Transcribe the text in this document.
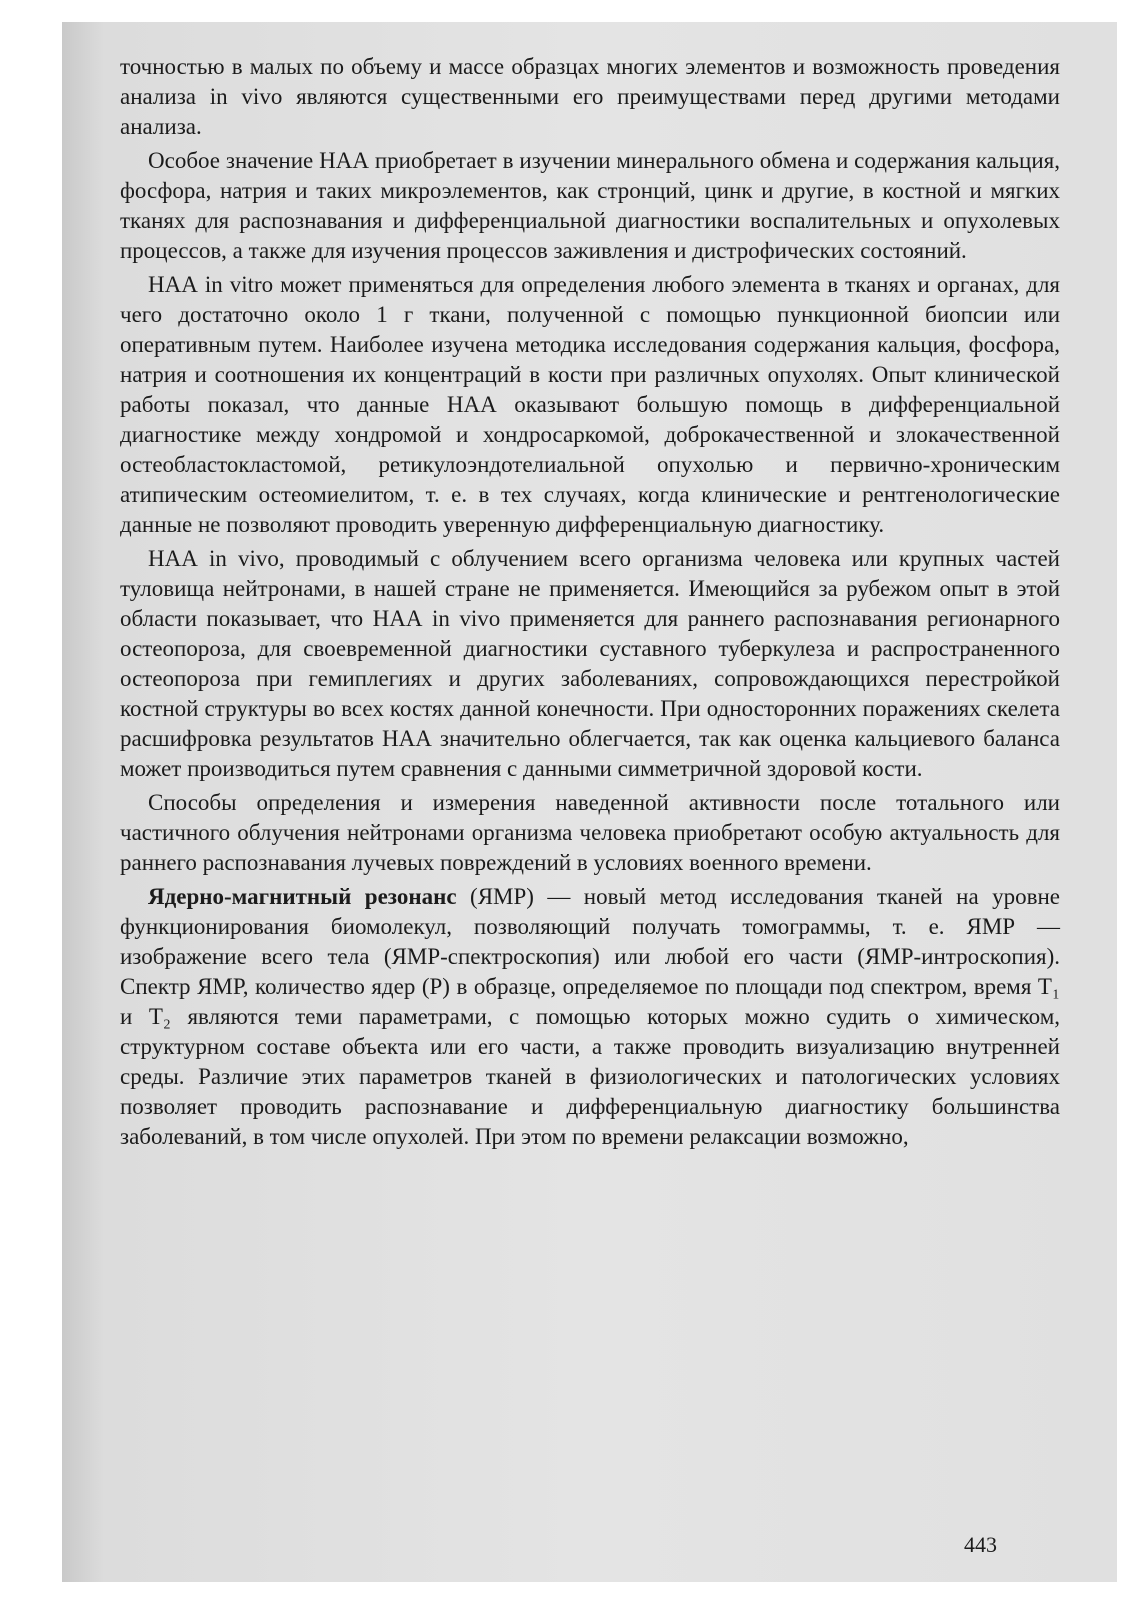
точностью в малых по объему и массе образцах многих элементов и возможность проведения анализа in vivo являются существенными его преимуществами перед другими методами анализа.

Особое значение НАА приобретает в изучении минерального обмена и содержания кальция, фосфора, натрия и таких микроэлементов, как стронций, цинк и другие, в костной и мягких тканях для распознавания и дифференциальной диагностики воспалительных и опухолевых процессов, а также для изучения процессов заживления и дистрофических состояний.

НАА in vitro может применяться для определения любого элемента в тканях и органах, для чего достаточно около 1 г ткани, полученной с помощью пункционной биопсии или оперативным путем. Наиболее изучена методика исследования содержания кальция, фосфора, натрия и соотношения их концентраций в кости при различных опухолях. Опыт клинической работы показал, что данные НАА оказывают большую помощь в дифференциальной диагностике между хондромой и хондросаркомой, доброкачественной и злокачественной остеобластокластомой, ретикулоэндотелиальной опухолью и первично-хроническим атипическим остеомиелитом, т. е. в тех случаях, когда клинические и рентгенологические данные не позволяют проводить уверенную дифференциальную диагностику.

НАА in vivo, проводимый с облучением всего организма человека или крупных частей туловища нейтронами, в нашей стране не применяется. Имеющийся за рубежом опыт в этой области показывает, что НАА in vivo применяется для раннего распознавания регионарного остеопороза, для своевременной диагностики суставного туберкулеза и распространенного остеопороза при гемиплегиях и других заболеваниях, сопровождающихся перестройкой костной структуры во всех костях данной конечности. При односторонних поражениях скелета расшифровка результатов НАА значительно облегчается, так как оценка кальциевого баланса может производиться путем сравнения с данными симметричной здоровой кости.

Способы определения и измерения наведенной активности после тотального или частичного облучения нейтронами организма человека приобретают особую актуальность для раннего распознавания лучевых повреждений в условиях военного времени.

Ядерно-магнитный резонанс (ЯМР) — новый метод исследования тканей на уровне функционирования биомолекул, позволяющий получать томограммы, т. е. ЯМР — изображение всего тела (ЯМР-спектроскопия) или любой его части (ЯМР-интроскопия). Спектр ЯМР, количество ядер (Р) в образце, определяемое по площади под спектром, время T₁ и T₂ являются теми параметрами, с помощью которых можно судить о химическом, структурном составе объекта или его части, а также проводить визуализацию внутренней среды. Различие этих параметров тканей в физиологических и патологических условиях позволяет проводить распознавание и дифференциальную диагностику большинства заболеваний, в том числе опухолей. При этом по времени релаксации возможно,

443
